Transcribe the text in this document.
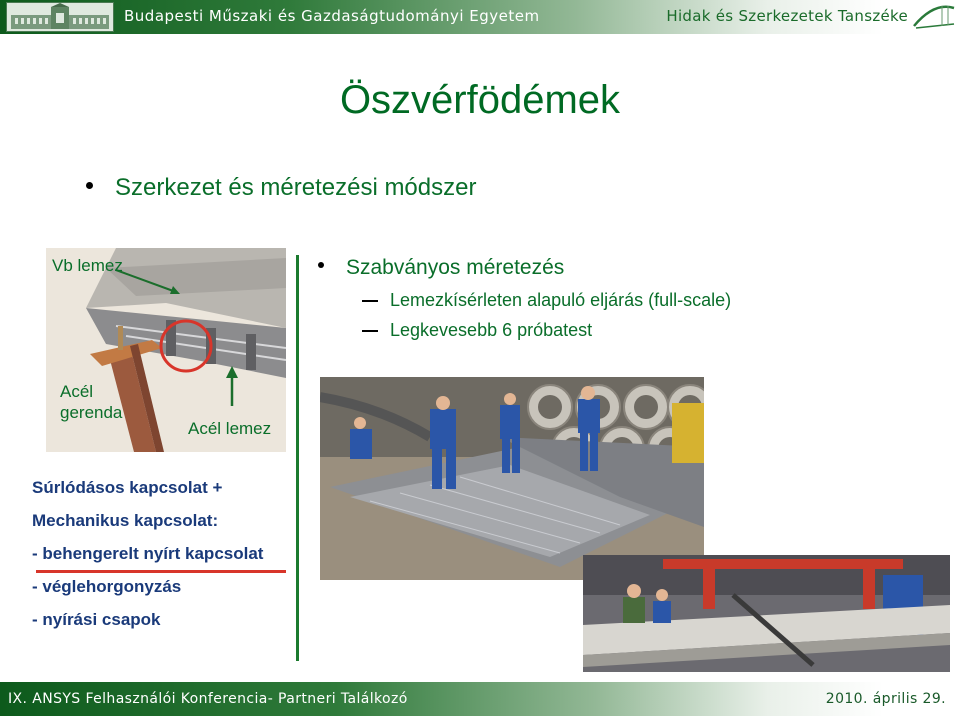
Budapesti Műszaki és Gazdaságtudományi Egyetem	Hidak és Szerkezetek Tanszéke
Öszvérfödémek
Szerkezet és méretezési módszer
Vb lemez
Acél
gerenda
Acél lemez
Szabványos méretezés
Lemezkísérleten alapuló eljárás (full-scale)
Legkevesebb 6 próbatest
Súrlódásos kapcsolat +
Mechanikus kapcsolat:
- behengerelt nyírt kapcsolat
- véglehorgonyzás
- nyírási csapok
IX. ANSYS Felhasználói Konferencia- Partneri Találkozó	2010. április 29.
